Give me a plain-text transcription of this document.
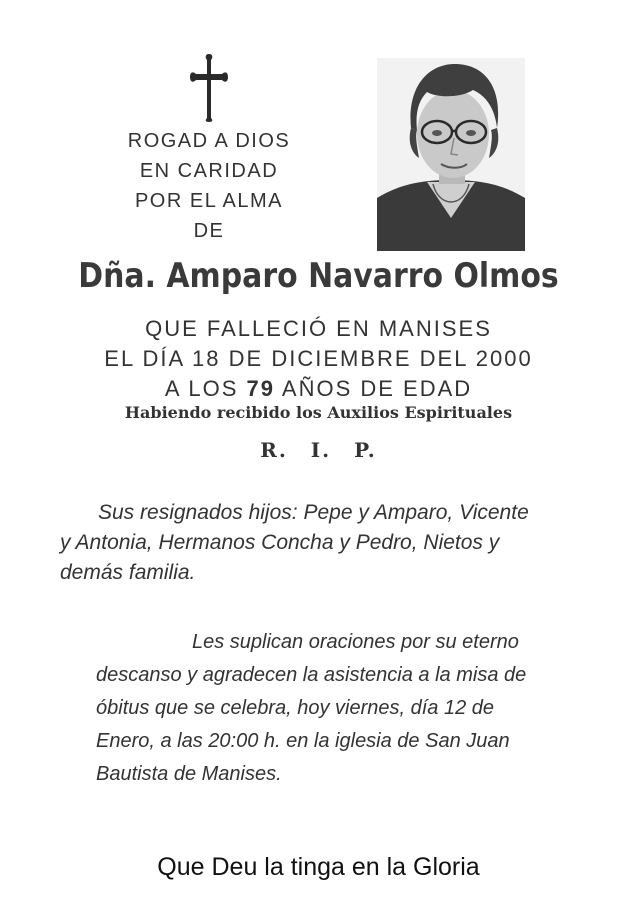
ROGAD A DIOS
EN CARIDAD
POR EL ALMA
DE
Dña. Amparo Navarro Olmos
QUE FALLECIÓ EN MANISES
EL DÍA 18 DE DICIEMBRE DEL 2000
A LOS 79 AÑOS DE EDAD
Habiendo recibido los Auxilios Espirituales
R. I. P.
Sus resignados hijos: Pepe y Amparo, Vicente
y Antonia, Hermanos Concha y Pedro, Nietos y
demás familia.
Les suplican oraciones por su eterno
descanso y agradecen la asistencia a la misa de
óbitus que se celebra, hoy viernes, día 12 de
Enero, a las 20:00 h. en la iglesia de San Juan
Bautista de Manises.
Que Deu la tinga en la Gloria
